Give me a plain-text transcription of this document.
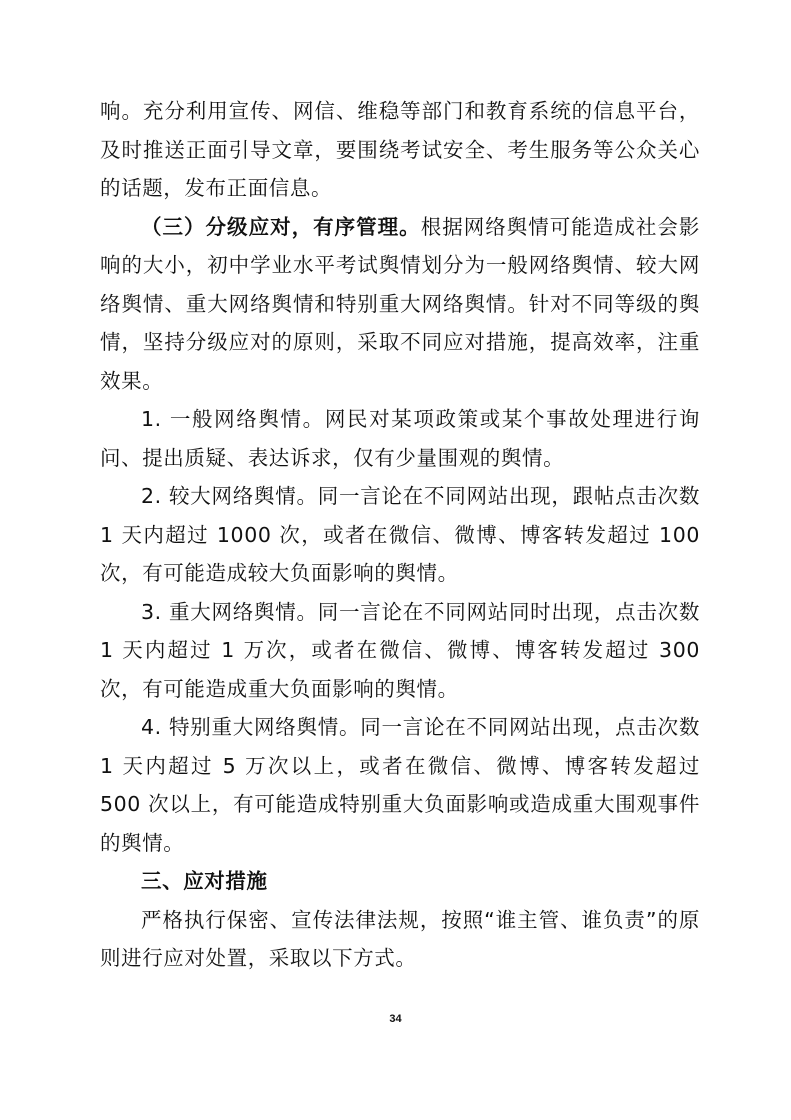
响。充分利用宣传、网信、维稳等部门和教育系统的信息平台，及时推送正面引导文章，要围绕考试安全、考生服务等公众关心的话题，发布正面信息。

（三）分级应对，有序管理。根据网络舆情可能造成社会影响的大小，初中学业水平考试舆情划分为一般网络舆情、较大网络舆情、重大网络舆情和特别重大网络舆情。针对不同等级的舆情，坚持分级应对的原则，采取不同应对措施，提高效率，注重效果。

1. 一般网络舆情。网民对某项政策或某个事故处理进行询问、提出质疑、表达诉求，仅有少量围观的舆情。

2. 较大网络舆情。同一言论在不同网站出现，跟帖点击次数 1 天内超过 1000 次，或者在微信、微博、博客转发超过 100 次，有可能造成较大负面影响的舆情。

3. 重大网络舆情。同一言论在不同网站同时出现，点击次数 1 天内超过 1 万次，或者在微信、微博、博客转发超过 300 次，有可能造成重大负面影响的舆情。

4. 特别重大网络舆情。同一言论在不同网站出现，点击次数 1 天内超过 5 万次以上，或者在微信、微博、博客转发超过 500 次以上，有可能造成特别重大负面影响或造成重大围观事件的舆情。

三、应对措施

严格执行保密、宣传法律法规，按照“谁主管、谁负责”的原则进行应对处置，采取以下方式。

34
